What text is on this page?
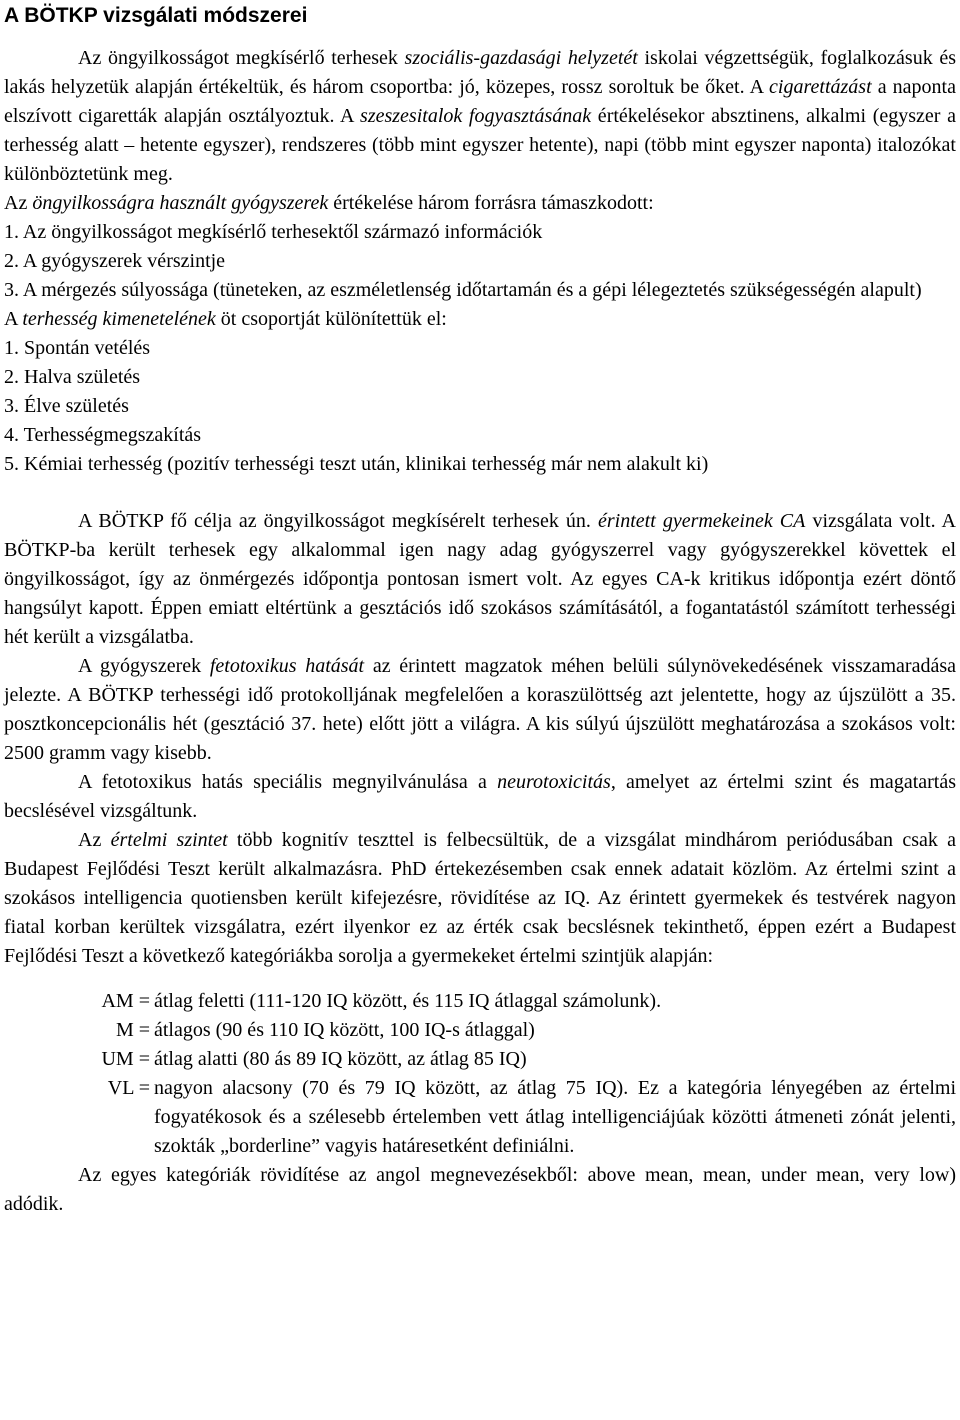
A BÖTKP vizsgálati módszerei

Az öngyilkosságot megkísérlő terhesek szociális-gazdasági helyzetét iskolai végzettségük, foglalkozásuk és lakás helyzetük alapján értékeltük, és három csoportba: jó, közepes, rossz soroltuk be őket. A cigarettázást a naponta elszívott cigaretták alapján osztályoztuk. A szeszesitalok fogyasztásának értékelésekor absztinens, alkalmi (egyszer a terhesség alatt – hetente egyszer), rendszeres (több mint egyszer hetente), napi (több mint egyszer naponta) italozókat különböztetünk meg.

Az öngyilkosságra használt gyógyszerek értékelése három forrásra támaszkodott:

1. Az öngyilkosságot megkísérlő terhesektől származó információk

2. A gyógyszerek vérszintje

3. A mérgezés súlyossága (tüneteken, az eszméletlenség időtartamán és a gépi lélegeztetés szükségességén alapult)

A terhesség kimenetelének öt csoportját különítettük el:

1. Spontán vetélés

2. Halva születés

3. Élve születés

4. Terhességmegszakítás

5. Kémiai terhesség (pozitív terhességi teszt után, klinikai terhesség már nem alakult ki)

A BÖTKP fő célja az öngyilkosságot megkísérelt terhesek ún. érintett gyermekeinek CA vizsgálata volt. A BÖTKP-ba került terhesek egy alkalommal igen nagy adag gyógyszerrel vagy gyógyszerekkel követtek el öngyilkosságot, így az önmérgezés időpontja pontosan ismert volt. Az egyes CA-k kritikus időpontja ezért döntő hangsúlyt kapott. Éppen emiatt eltértünk a gesztációs idő szokásos számításától, a fogantatástól számított terhességi hét került a vizsgálatba.

A gyógyszerek fetotoxikus hatását az érintett magzatok méhen belüli súlynövekedésének visszamaradása jelezte. A BÖTKP terhességi idő protokolljának megfelelően a koraszülöttség azt jelentette, hogy az újszülött a 35. posztkoncepcionális hét (gesztáció 37. hete) előtt jött a világra. A kis súlyú újszülött meghatározása a szokásos volt: 2500 gramm vagy kisebb.

A fetotoxikus hatás speciális megnyilvánulása a neurotoxicitás, amelyet az értelmi szint és magatartás becslésével vizsgáltunk.

Az értelmi szintet több kognitív teszttel is felbecsültük, de a vizsgálat mindhárom periódusában csak a Budapest Fejlődési Teszt került alkalmazásra. PhD értekezésemben csak ennek adatait közlöm. Az értelmi szint a szokásos intelligencia quotiensben került kifejezésre, rövidítése az IQ. Az érintett gyermekek és testvérek nagyon fiatal korban kerültek vizsgálatra, ezért ilyenkor ez az érték csak becslésnek tekinthető, éppen ezért a Budapest Fejlődési Teszt a következő kategóriákba sorolja a gyermekeket értelmi szintjük alapján:

AM = átlag feletti (111-120 IQ között, és 115 IQ átlaggal számolunk).
M = átlagos (90 és 110 IQ között, 100 IQ-s átlaggal)
UM = átlag alatti (80 ás 89 IQ között, az átlag 85 IQ)
VL = nagyon alacsony (70 és 79 IQ között, az átlag 75 IQ). Ez a kategória lényegében az értelmi fogyatékosok és a szélesebb értelemben vett átlag intelligenciájúak közötti átmeneti zónát jelenti, szokták „borderline” vagyis határesetként definiálni.

Az egyes kategóriák rövidítése az angol megnevezésekből: above mean, mean, under mean, very low) adódik.
